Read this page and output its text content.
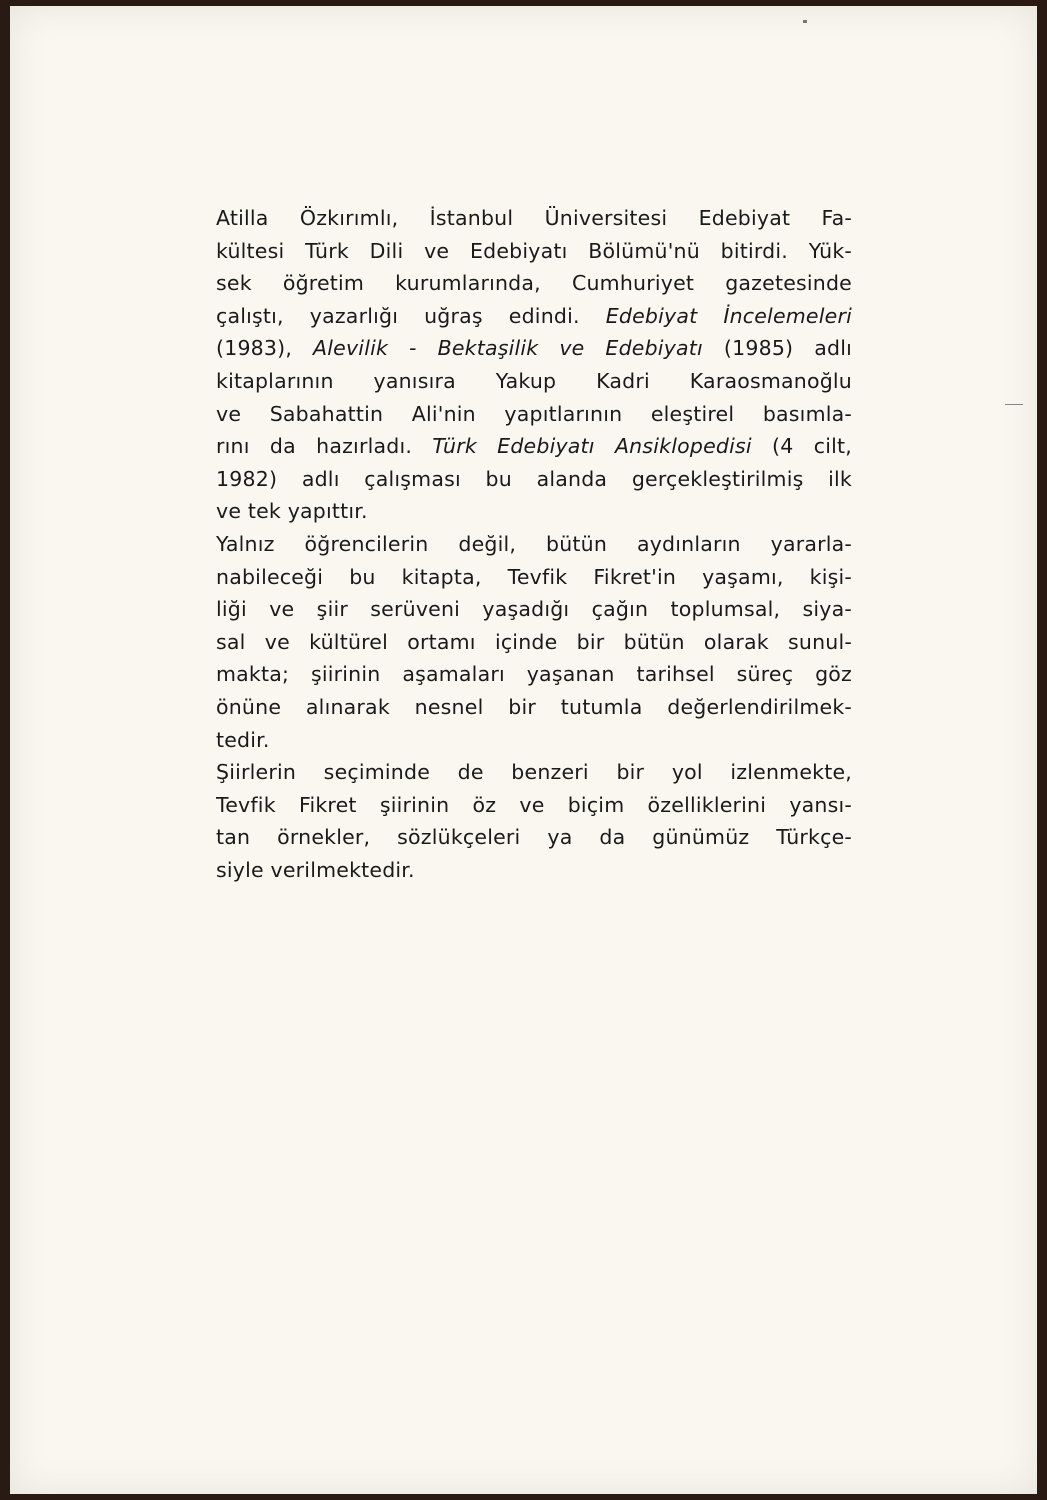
Atilla Özkırımlı, İstanbul Üniversitesi Edebiyat Fa-
kültesi Türk Dili ve Edebiyatı Bölümü'nü bitirdi. Yük-
sek öğretim kurumlarında, Cumhuriyet gazetesinde
çalıştı, yazarlığı uğraş edindi. Edebiyat İncelemeleri
(1983), Alevilik - Bektaşilik ve Edebiyatı (1985) adlı
kitaplarının yanısıra Yakup Kadri Karaosmanoğlu
ve Sabahattin Ali'nin yapıtlarının eleştirel basımla-
rını da hazırladı. Türk Edebiyatı Ansiklopedisi (4 cilt,
1982) adlı çalışması bu alanda gerçekleştirilmiş ilk
ve tek yapıttır.
Yalnız öğrencilerin değil, bütün aydınların yararla-
nabileceği bu kitapta, Tevfik Fikret'in yaşamı, kişi-
liği ve şiir serüveni yaşadığı çağın toplumsal, siya-
sal ve kültürel ortamı içinde bir bütün olarak sunul-
makta; şiirinin aşamaları yaşanan tarihsel süreç göz
önüne alınarak nesnel bir tutumla değerlendirilmek-
tedir.
Şiirlerin seçiminde de benzeri bir yol izlenmekte,
Tevfik Fikret şiirinin öz ve biçim özelliklerini yansı-
tan örnekler, sözlükçeleri ya da günümüz Türkçe-
siyle verilmektedir.
